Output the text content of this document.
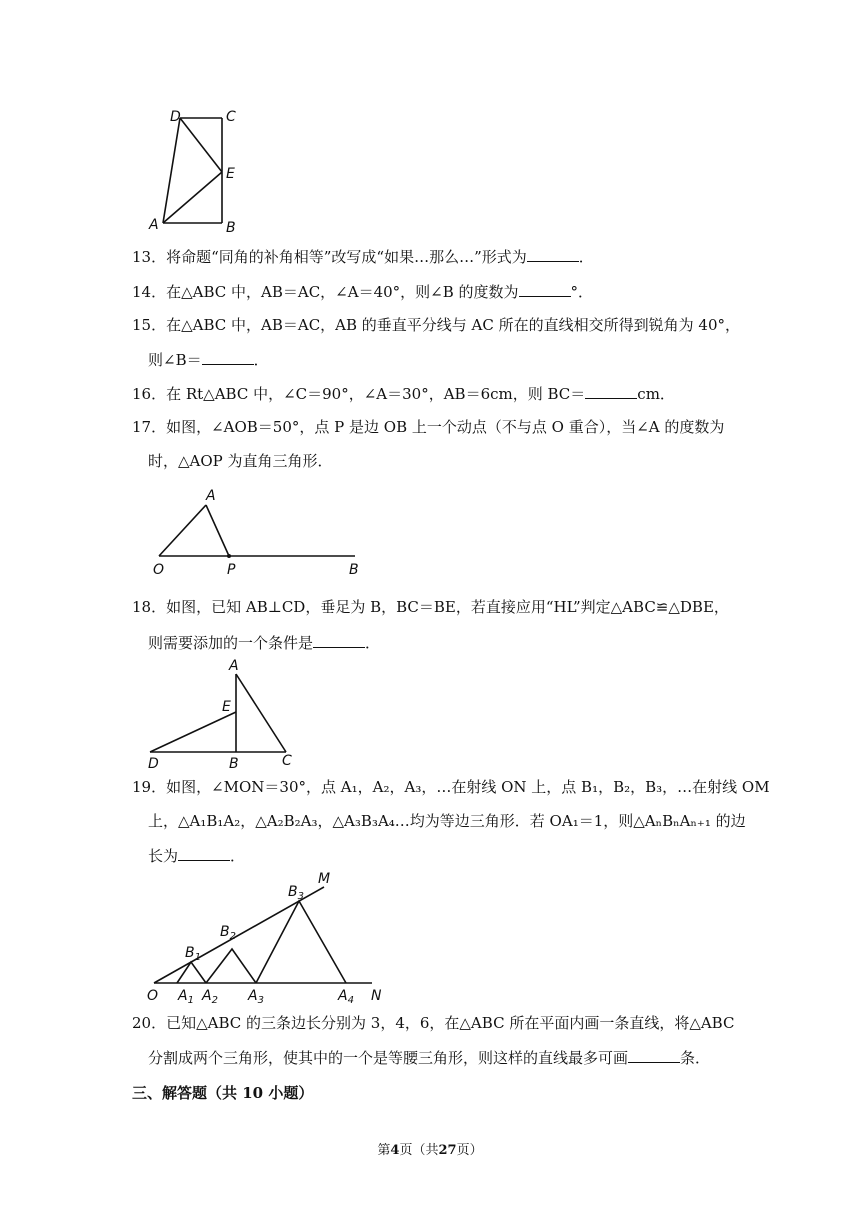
D	C
E
A	B
13．将命题“同角的补角相等”改写成“如果…那么…”形式为	．
14．在△ABC 中，AB＝AC，∠A＝40°，则∠B 的度数为	°．
15．在△ABC 中，AB＝AC，AB 的垂直平分线与 AC 所在的直线相交所得到锐角为 40°，
则∠B＝	．
16．在 Rt△ABC 中，∠C＝90°，∠A＝30°，AB＝6cm，则 BC＝	cm．
17．如图，∠AOB＝50°，点 P 是边 OB 上一个动点（不与点 O 重合），当∠A 的度数为
时，△AOP 为直角三角形．
A
O	P	B
18．如图，已知 AB⊥CD，垂足为 B，BC＝BE，若直接应用“HL”判定△ABC≌△DBE，
则需要添加的一个条件是	．
A
E
D	B	C
19．如图，∠MON＝30°，点 A₁，A₂，A₃，…在射线 ON 上，点 B₁，B₂，B₃，…在射线 OM
上，△A₁B₁A₂，△A₂B₂A₃，△A₃B₃A₄…均为等边三角形．若 OA₁＝1，则△AₙBₙAₙ₊₁ 的边
长为	．
O	N
M
$A_1$ $A_2$ $A_3$	$A_4$
$B_1$
$B_2$
$B_3$
20．已知△ABC 的三条边长分别为 3，4，6，在△ABC 所在平面内画一条直线，将△ABC
分割成两个三角形，使其中的一个是等腰三角形，则这样的直线最多可画	条．
三、解答题（共 10 小题）
第4页（共27页）
